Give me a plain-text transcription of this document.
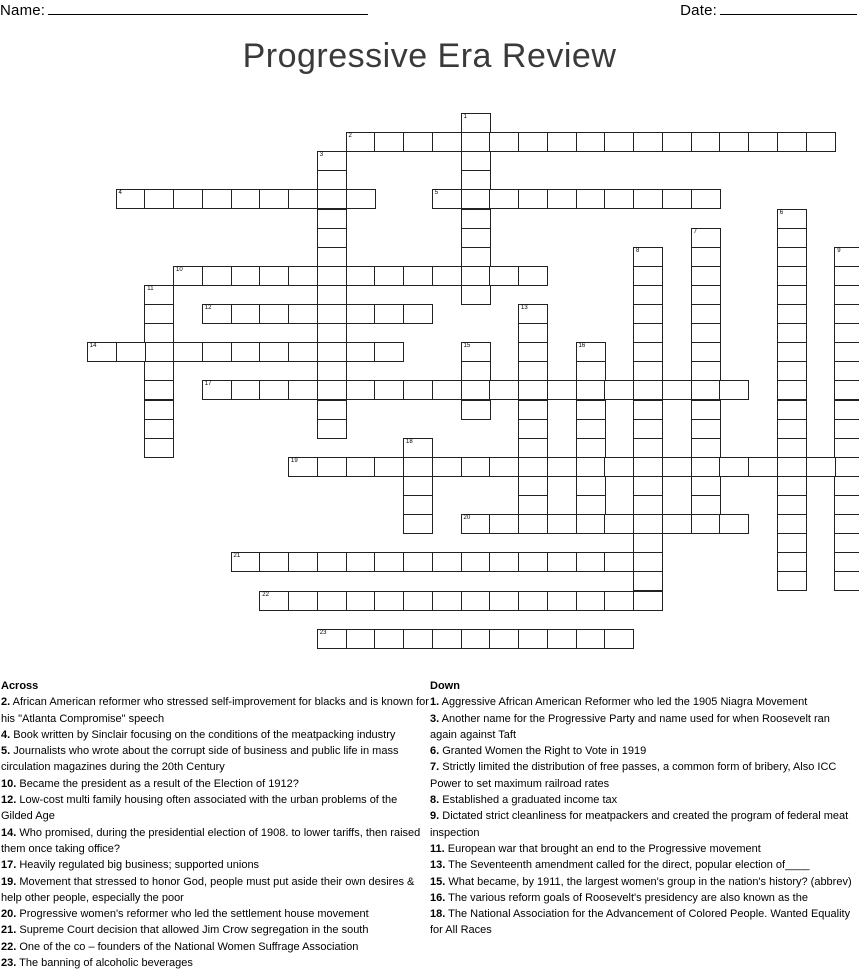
Name:	Date:
Progressive Era Review
1
2
3
4	5
6
7
8	9
10
11
12	13
14	15	16
17
18
19
20
21
22
23
Across
2. African American reformer who stressed self-improvement for blacks and is known for his "Atlanta Compromise" speech
4. Book written by Sinclair focusing on the conditions of the meatpacking industry
5. Journalists who wrote about the corrupt side of business and public life in mass circulation magazines during the 20th Century
10. Became the president as a result of the Election of 1912?
12. Low-cost multi family housing often associated with the urban problems of the Gilded Age
14. Who promised, during the presidential election of 1908. to lower tariffs, then raised them once taking office?
17. Heavily regulated big business; supported unions
19. Movement that stressed to honor God, people must put aside their own desires & help other people, especially the poor
20. Progressive women's reformer who led the settlement house movement
21. Supreme Court decision that allowed Jim Crow segregation in the south
22. One of the co – founders of the National Women Suffrage Association
23. The banning of alcoholic beverages
Down
1. Aggressive African American Reformer who led the 1905 Niagra Movement
3. Another name for the Progressive Party and name used for when Roosevelt ran again against Taft
6. Granted Women the Right to Vote in 1919
7. Strictly limited the distribution of free passes, a common form of bribery, Also ICC Power to set maximum railroad rates
8. Established a graduated income tax
9. Dictated strict cleanliness for meatpackers and created the program of federal meat inspection
11. European war that brought an end to the Progressive movement
13. The Seventeenth amendment called for the direct, popular election of____
15. What became, by 1911, the largest women's group in the nation's history? (abbrev)
16. The various reform goals of Roosevelt's presidency are also known as the
18. The National Association for the Advancement of Colored People. Wanted Equality for All Races
